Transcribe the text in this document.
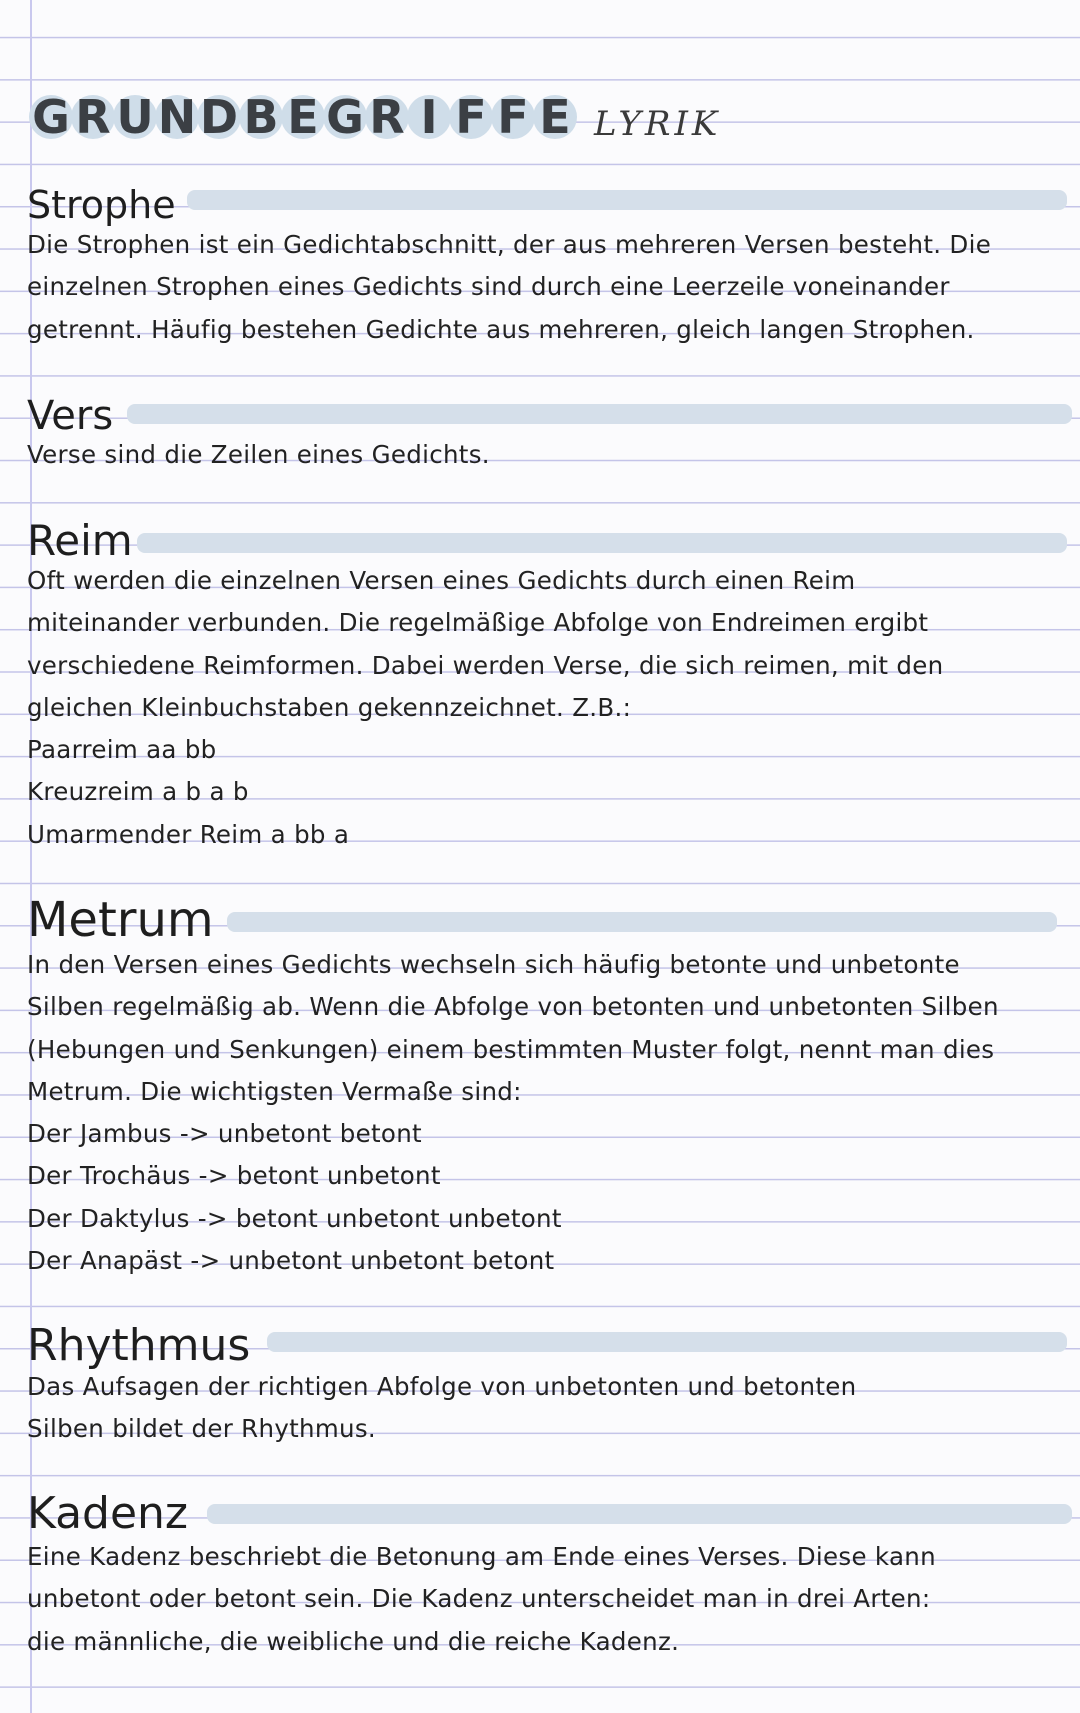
G R U N D B E G R I F F E LYRIK
Strophe

Die Strophen ist ein Gedichtabschnitt, der aus mehreren Versen besteht. Die

einzelnen Strophen eines Gedichts sind durch eine Leerzeile voneinander

getrennt. Häufig bestehen Gedichte aus mehreren, gleich langen Strophen.

Vers

Verse sind die Zeilen eines Gedichts.

Reim

Oft werden die einzelnen Versen eines Gedichts durch einen Reim

miteinander verbunden. Die regelmäßige Abfolge von Endreimen ergibt

verschiedene Reimformen. Dabei werden Verse, die sich reimen, mit den

gleichen Kleinbuchstaben gekennzeichnet. Z.B.:

Paarreim aa bb

Kreuzreim a b a b

Umarmender Reim a bb a

Metrum

In den Versen eines Gedichts wechseln sich häufig betonte und unbetonte

Silben regelmäßig ab. Wenn die Abfolge von betonten und unbetonten Silben

(Hebungen und Senkungen) einem bestimmten Muster folgt, nennt man dies

Metrum. Die wichtigsten Vermaße sind:

Der Jambus -> unbetont betont

Der Trochäus -> betont unbetont

Der Daktylus -> betont unbetont unbetont

Der Anapäst -> unbetont unbetont betont

Rhythmus

Das Aufsagen der richtigen Abfolge von unbetonten und betonten

Silben bildet der Rhythmus.

Kadenz

Eine Kadenz beschriebt die Betonung am Ende eines Verses. Diese kann

unbetont oder betont sein. Die Kadenz unterscheidet man in drei Arten:

die männliche, die weibliche und die reiche Kadenz.
